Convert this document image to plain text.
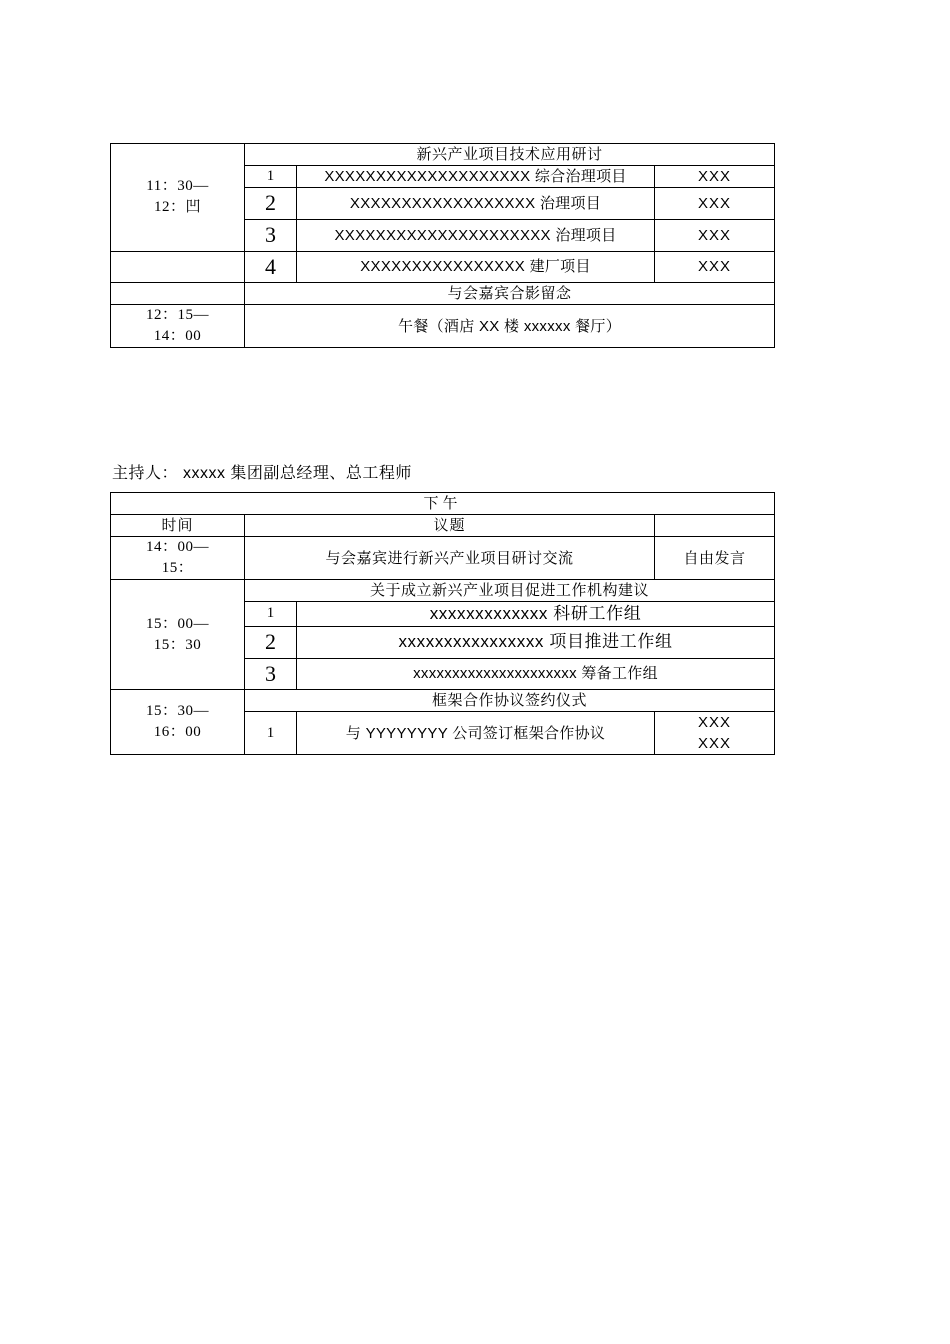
11：30—
12：凹	新兴产业项目技术应用研讨		
	1	XXXXXXXXXXXXXXXXXXXX 综合治理项目	XXX
	2	XXXXXXXXXXXXXXXXXX 治理项目	XXX
	3	XXXXXXXXXXXXXXXXXXXXX 治理项目	XXX
	4	XXXXXXXXXXXXXXXX 建厂项目	XXX
	与会嘉宾合影留念		
12：15—
14：00	午餐（酒店 XX 楼 xxxxxx 餐厅）		
主持人： xxxxx 集团副总经理、总工程师
下午			
时间	议题		
14：00—
15：	与会嘉宾进行新兴产业项目研讨交流		自由发言
15：00—
15：30	关于成立新兴产业项目促进工作机构建议		
	1	xxxxxxxxxxxxx 科研工作组	
	2	xxxxxxxxxxxxxxxx 项目推进工作组	
	3	xxxxxxxxxxxxxxxxxxxxx 筹备工作组	
15：30—
16：00	框架合作协议签约仪式		
	1	与 YYYYYYYY 公司签订框架合作协议	XXX
XXX
